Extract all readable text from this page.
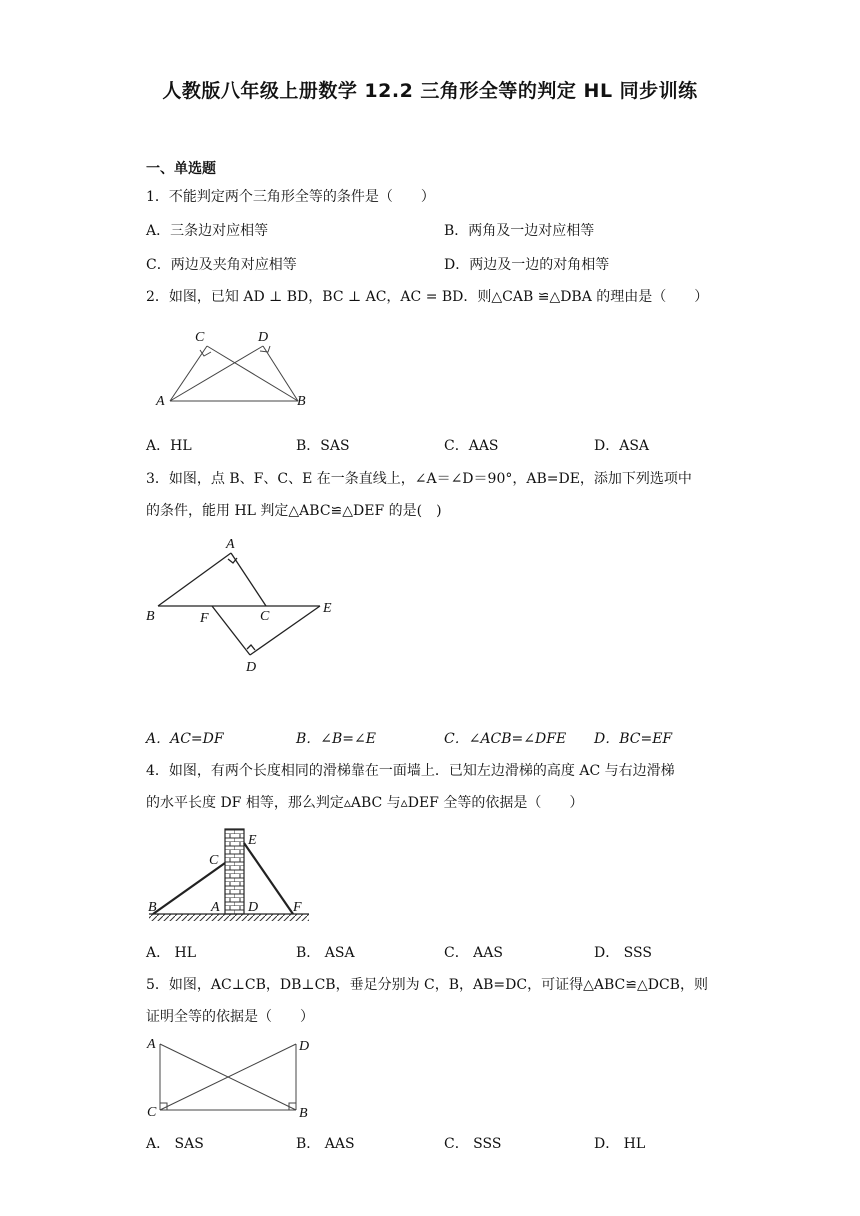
人教版八年级上册数学 12.2 三角形全等的判定 HL 同步训练
一、单选题
1．不能判定两个三角形全等的条件是（　　）
A．三条边对应相等	B．两角及一边对应相等
C．两边及夹角对应相等	D．两边及一边的对角相等
2．如图，已知 AD ⊥ BD，BC ⊥ AC，AC = BD．则△CAB ≌△DBA 的理由是（　　）
C	D
A	B
A．HL	B．SAS	C．AAS	D．ASA
3．如图，点 B、F、C、E 在一条直线上，∠A＝∠D＝90°，AB=DE，添加下列选项中
的条件，能用 HL 判定△ABC≌△DEF 的是(　)
A
B	F	C
E
D
A．AC=DF	B．∠B=∠E	C．∠ACB=∠DFE D．BC=EF
4．如图，有两个长度相同的滑梯靠在一面墙上．已知左边滑梯的高度 AC 与右边滑梯
的水平长度 DF 相等，那么判定▵ABC 与▵DEF 全等的依据是（　　）
E
C
B	A D F
A． HL	B． ASA	C． AAS	D． SSS
5．如图，AC⊥CB，DB⊥CB，垂足分别为 C，B，AB=DC，可证得△ABC≌△DCB，则
证明全等的依据是（　　）
A	D
C	B
A． SAS	B． AAS	C． SSS	D． HL
